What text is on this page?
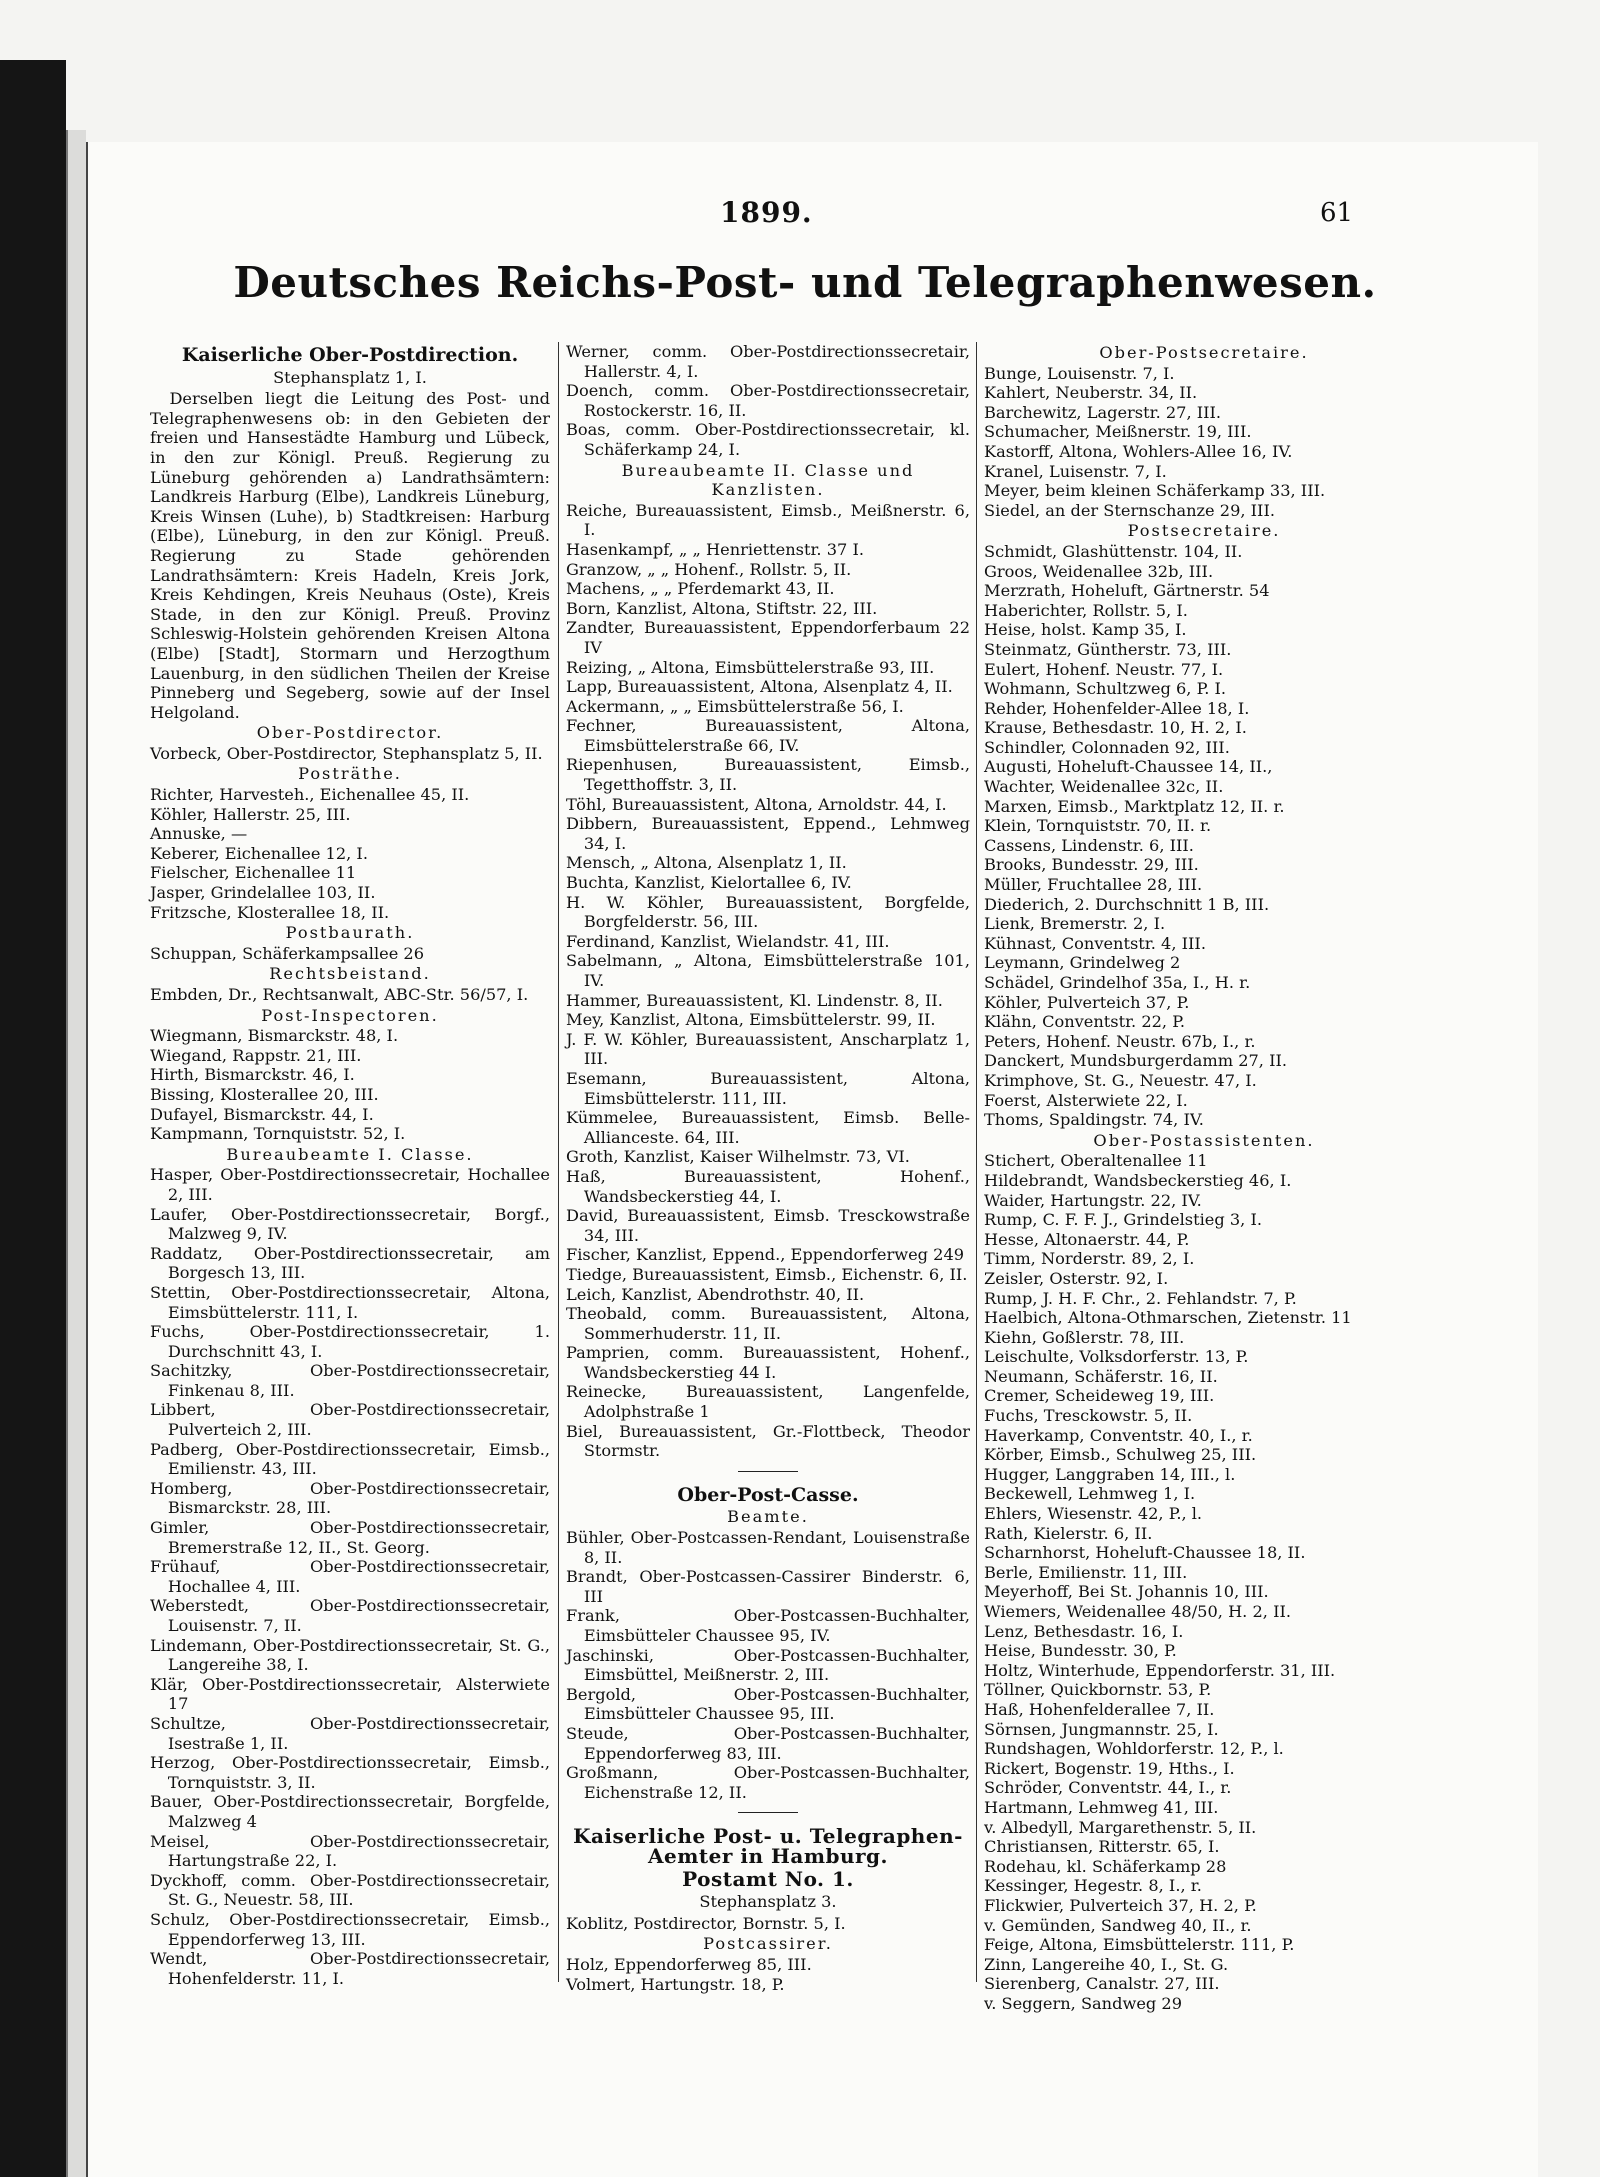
1899.	61
Deutsches Reichs-Post- und Telegraphenwesen.
Kaiserliche Ober-Postdirection.
Stephansplatz 1, I.

Derselben liegt die Leitung des Post- und Telegraphenwesens ob: in den Gebieten der freien und Hansestädte Hamburg und Lübeck, in den zur Königl. Preuß. Regierung zu Lüneburg gehörenden a) Landrathsämtern: Landkreis Harburg (Elbe), Landkreis Lüneburg, Kreis Winsen (Luhe), b) Stadtkreisen: Harburg (Elbe), Lüneburg, in den zur Königl. Preuß. Regierung zu Stade gehörenden Landrathsämtern: Kreis Hadeln, Kreis Jork, Kreis Kehdingen, Kreis Neuhaus (Oste), Kreis Stade, in den zur Königl. Preuß. Provinz Schleswig-Holstein gehörenden Kreisen Altona (Elbe) [Stadt], Stormarn und Herzogthum Lauenburg, in den südlichen Theilen der Kreise Pinneberg und Segeberg, sowie auf der Insel Helgoland.

Ober-Postdirector.

Vorbeck, Ober-Postdirector, Stephansplatz 5, II.

Posträthe.

Richter, Harvesteh., Eichenallee 45, II.

Köhler, Hallerstr. 25, III.

Annuske, —

Keberer, Eichenallee 12, I.

Fielscher, Eichenallee 11

Jasper, Grindelallee 103, II.

Fritzsche, Klosterallee 18, II.

Postbaurath.

Schuppan, Schäferkampsallee 26

Rechtsbeistand.

Embden, Dr., Rechtsanwalt, ABC-Str. 56/57, I.

Post-Inspectoren.

Wiegmann, Bismarckstr. 48, I.

Wiegand, Rappstr. 21, III.

Hirth, Bismarckstr. 46, I.

Bissing, Klosterallee 20, III.

Dufayel, Bismarckstr. 44, I.

Kampmann, Tornquiststr. 52, I.

Bureaubeamte I. Classe.

Hasper, Ober-Postdirectionssecretair, Hochallee 2, III.

Laufer, Ober-Postdirectionssecretair, Borgf., Malzweg 9, IV.

Raddatz, Ober-Postdirectionssecretair, am Borgesch 13, III.

Stettin, Ober-Postdirectionssecretair, Altona, Eimsbüttelerstr. 111, I.

Fuchs, Ober-Postdirectionssecretair, 1. Durchschnitt 43, I.

Sachitzky, Ober-Postdirectionssecretair, Finkenau 8, III.

Libbert, Ober-Postdirectionssecretair, Pulverteich 2, III.

Padberg, Ober-Postdirectionssecretair, Eimsb., Emilienstr. 43, III.

Homberg, Ober-Postdirectionssecretair, Bismarckstr. 28, III.

Gimler, Ober-Postdirectionssecretair, Bremerstraße 12, II., St. Georg.

Frühauf, Ober-Postdirectionssecretair, Hochallee 4, III.

Weberstedt, Ober-Postdirectionssecretair, Louisenstr. 7, II.

Lindemann, Ober-Postdirectionssecretair, St. G., Langereihe 38, I.

Klär, Ober-Postdirectionssecretair, Alsterwiete 17

Schultze, Ober-Postdirectionssecretair, Isestraße 1, II.

Herzog, Ober-Postdirectionssecretair, Eimsb., Tornquiststr. 3, II.

Bauer, Ober-Postdirectionssecretair, Borgfelde, Malzweg 4

Meisel, Ober-Postdirectionssecretair, Hartungstraße 22, I.

Dyckhoff, comm. Ober-Postdirectionssecretair, St. G., Neuestr. 58, III.

Schulz, Ober-Postdirectionssecretair, Eimsb., Eppendorferweg 13, III.

Wendt, Ober-Postdirectionssecretair, Hohenfelderstr. 11, I.

Werner, comm. Ober-Postdirectionssecretair, Hallerstr. 4, I.

Doench, comm. Ober-Postdirectionssecretair, Rostockerstr. 16, II.

Boas, comm. Ober-Postdirectionssecretair, kl. Schäferkamp 24, I.

Bureaubeamte II. Classe und Kanzlisten.

Reiche, Bureauassistent, Eimsb., Meißnerstr. 6, I.

Hasenkampf, „ „ Henriettenstr. 37 I.

Granzow, „ „ Hohenf., Rollstr. 5, II.

Machens, „ „ Pferdemarkt 43, II.

Born, Kanzlist, Altona, Stiftstr. 22, III.

Zandter, Bureauassistent, Eppendorferbaum 22 IV

Reizing, „ Altona, Eimsbüttelerstraße 93, III.

Lapp, Bureauassistent, Altona, Alsenplatz 4, II.

Ackermann, „ „ Eimsbüttelerstraße 56, I.

Fechner, Bureauassistent, Altona, Eimsbüttelerstraße 66, IV.

Riepenhusen, Bureauassistent, Eimsb., Tegetthoffstr. 3, II.

Töhl, Bureauassistent, Altona, Arnoldstr. 44, I.

Dibbern, Bureauassistent, Eppend., Lehmweg 34, I.

Mensch, „ Altona, Alsenplatz 1, II.

Buchta, Kanzlist, Kielortallee 6, IV.

H. W. Köhler, Bureauassistent, Borgfelde, Borgfelderstr. 56, III.

Ferdinand, Kanzlist, Wielandstr. 41, III.

Sabelmann, „ Altona, Eimsbüttelerstraße 101, IV.

Hammer, Bureauassistent, Kl. Lindenstr. 8, II.

Mey, Kanzlist, Altona, Eimsbüttelerstr. 99, II.

J. F. W. Köhler, Bureauassistent, Anscharplatz 1, III.

Esemann, Bureauassistent, Altona, Eimsbüttelerstr. 111, III.

Kümmelee, Bureauassistent, Eimsb. Belle-Allianceste. 64, III.

Groth, Kanzlist, Kaiser Wilhelmstr. 73, VI.

Haß, Bureauassistent, Hohenf., Wandsbeckerstieg 44, I.

David, Bureauassistent, Eimsb. Tresckowstraße 34, III.

Fischer, Kanzlist, Eppend., Eppendorferweg 249

Tiedge, Bureauassistent, Eimsb., Eichenstr. 6, II.

Leich, Kanzlist, Abendrothstr. 40, II.

Theobald, comm. Bureauassistent, Altona, Sommerhuderstr. 11, II.

Pamprien, comm. Bureauassistent, Hohenf., Wandsbeckerstieg 44 I.

Reinecke, Bureauassistent, Langenfelde, Adolphstraße 1

Biel, Bureauassistent, Gr.-Flottbeck, Theodor Stormstr.

Ober-Post-Casse.
Beamte.

Bühler, Ober-Postcassen-Rendant, Louisenstraße 8, II.

Brandt, Ober-Postcassen-Cassirer Binderstr. 6, III

Frank, Ober-Postcassen-Buchhalter, Eimsbütteler Chaussee 95, IV.

Jaschinski, Ober-Postcassen-Buchhalter, Eimsbüttel, Meißnerstr. 2, III.

Bergold, Ober-Postcassen-Buchhalter, Eimsbütteler Chaussee 95, III.

Steude, Ober-Postcassen-Buchhalter, Eppendorferweg 83, III.

Großmann, Ober-Postcassen-Buchhalter, Eichenstraße 12, II.

Kaiserliche Post- u. Telegraphen-Aemter in Hamburg.
Postamt No. 1.
Stephansplatz 3.

Koblitz, Postdirector, Bornstr. 5, I.

Postcassirer.

Holz, Eppendorferweg 85, III.

Volmert, Hartungstr. 18, P.

Ober-Postsecretaire.

Bunge, Louisenstr. 7, I.

Kahlert, Neuberstr. 34, II.

Barchewitz, Lagerstr. 27, III.

Schumacher, Meißnerstr. 19, III.

Kastorff, Altona, Wohlers-Allee 16, IV.

Kranel, Luisenstr. 7, I.

Meyer, beim kleinen Schäferkamp 33, III.

Siedel, an der Sternschanze 29, III.

Postsecretaire.

Schmidt, Glashüttenstr. 104, II.

Groos, Weidenallee 32b, III.

Merzrath, Hoheluft, Gärtnerstr. 54

Haberichter, Rollstr. 5, I.

Heise, holst. Kamp 35, I.

Steinmatz, Güntherstr. 73, III.

Eulert, Hohenf. Neustr. 77, I.

Wohmann, Schultzweg 6, P. I.

Rehder, Hohenfelder-Allee 18, I.

Krause, Bethesdastr. 10, H. 2, I.

Schindler, Colonnaden 92, III.

Augusti, Hoheluft-Chaussee 14, II.,

Wachter, Weidenallee 32c, II.

Marxen, Eimsb., Marktplatz 12, II. r.

Klein, Tornquiststr. 70, II. r.

Cassens, Lindenstr. 6, III.

Brooks, Bundesstr. 29, III.

Müller, Fruchtallee 28, III.

Diederich, 2. Durchschnitt 1 B, III.

Lienk, Bremerstr. 2, I.

Kühnast, Conventstr. 4, III.

Leymann, Grindelweg 2

Schädel, Grindelhof 35a, I., H. r.

Köhler, Pulverteich 37, P.

Klähn, Conventstr. 22, P.

Peters, Hohenf. Neustr. 67b, I., r.

Danckert, Mundsburgerdamm 27, II.

Krimphove, St. G., Neuestr. 47, I.

Foerst, Alsterwiete 22, I.

Thoms, Spaldingstr. 74, IV.

Ober-Postassistenten.

Stichert, Oberaltenallee 11

Hildebrandt, Wandsbeckerstieg 46, I.

Waider, Hartungstr. 22, IV.

Rump, C. F. F. J., Grindelstieg 3, I.

Hesse, Altonaerstr. 44, P.

Timm, Norderstr. 89, 2, I.

Zeisler, Osterstr. 92, I.

Rump, J. H. F. Chr., 2. Fehlandstr. 7, P.

Haelbich, Altona-Othmarschen, Zietenstr. 11

Kiehn, Goßlerstr. 78, III.

Leischulte, Volksdorferstr. 13, P.

Neumann, Schäferstr. 16, II.

Cremer, Scheideweg 19, III.

Fuchs, Tresckowstr. 5, II.

Haverkamp, Conventstr. 40, I., r.

Körber, Eimsb., Schulweg 25, III.

Hugger, Langgraben 14, III., l.

Beckewell, Lehmweg 1, I.

Ehlers, Wiesenstr. 42, P., l.

Rath, Kielerstr. 6, II.

Scharnhorst, Hoheluft-Chaussee 18, II.

Berle, Emilienstr. 11, III.

Meyerhoff, Bei St. Johannis 10, III.

Wiemers, Weidenallee 48/50, H. 2, II.

Lenz, Bethesdastr. 16, I.

Heise, Bundesstr. 30, P.

Holtz, Winterhude, Eppendorferstr. 31, III.

Töllner, Quickbornstr. 53, P.

Haß, Hohenfelderallee 7, II.

Sörnsen, Jungmannstr. 25, I.

Rundshagen, Wohldorferstr. 12, P., l.

Rickert, Bogenstr. 19, Hths., I.

Schröder, Conventstr. 44, I., r.

Hartmann, Lehmweg 41, III.

v. Albedyll, Margarethenstr. 5, II.

Christiansen, Ritterstr. 65, I.

Rodehau, kl. Schäferkamp 28

Kessinger, Hegestr. 8, I., r.

Flickwier, Pulverteich 37, H. 2, P.

v. Gemünden, Sandweg 40, II., r.

Feige, Altona, Eimsbüttelerstr. 111, P.

Zinn, Langereihe 40, I., St. G.

Sierenberg, Canalstr. 27, III.

v. Seggern, Sandweg 29
